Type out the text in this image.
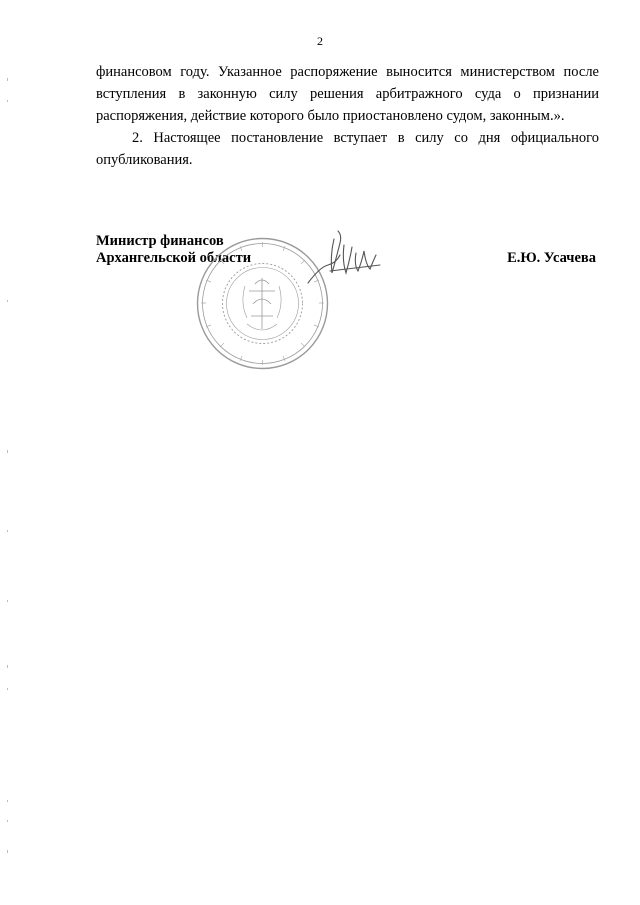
2

финансовом году. Указанное распоряжение выносится министерством после вступления в законную силу решения арбитражного суда о признании распоряжения, действие которого было приостановлено судом, законным.».

2. Настоящее постановление вступает в силу со дня официального опубликования.

Министр финансов
Архангельской области	Е.Ю. Усачева
